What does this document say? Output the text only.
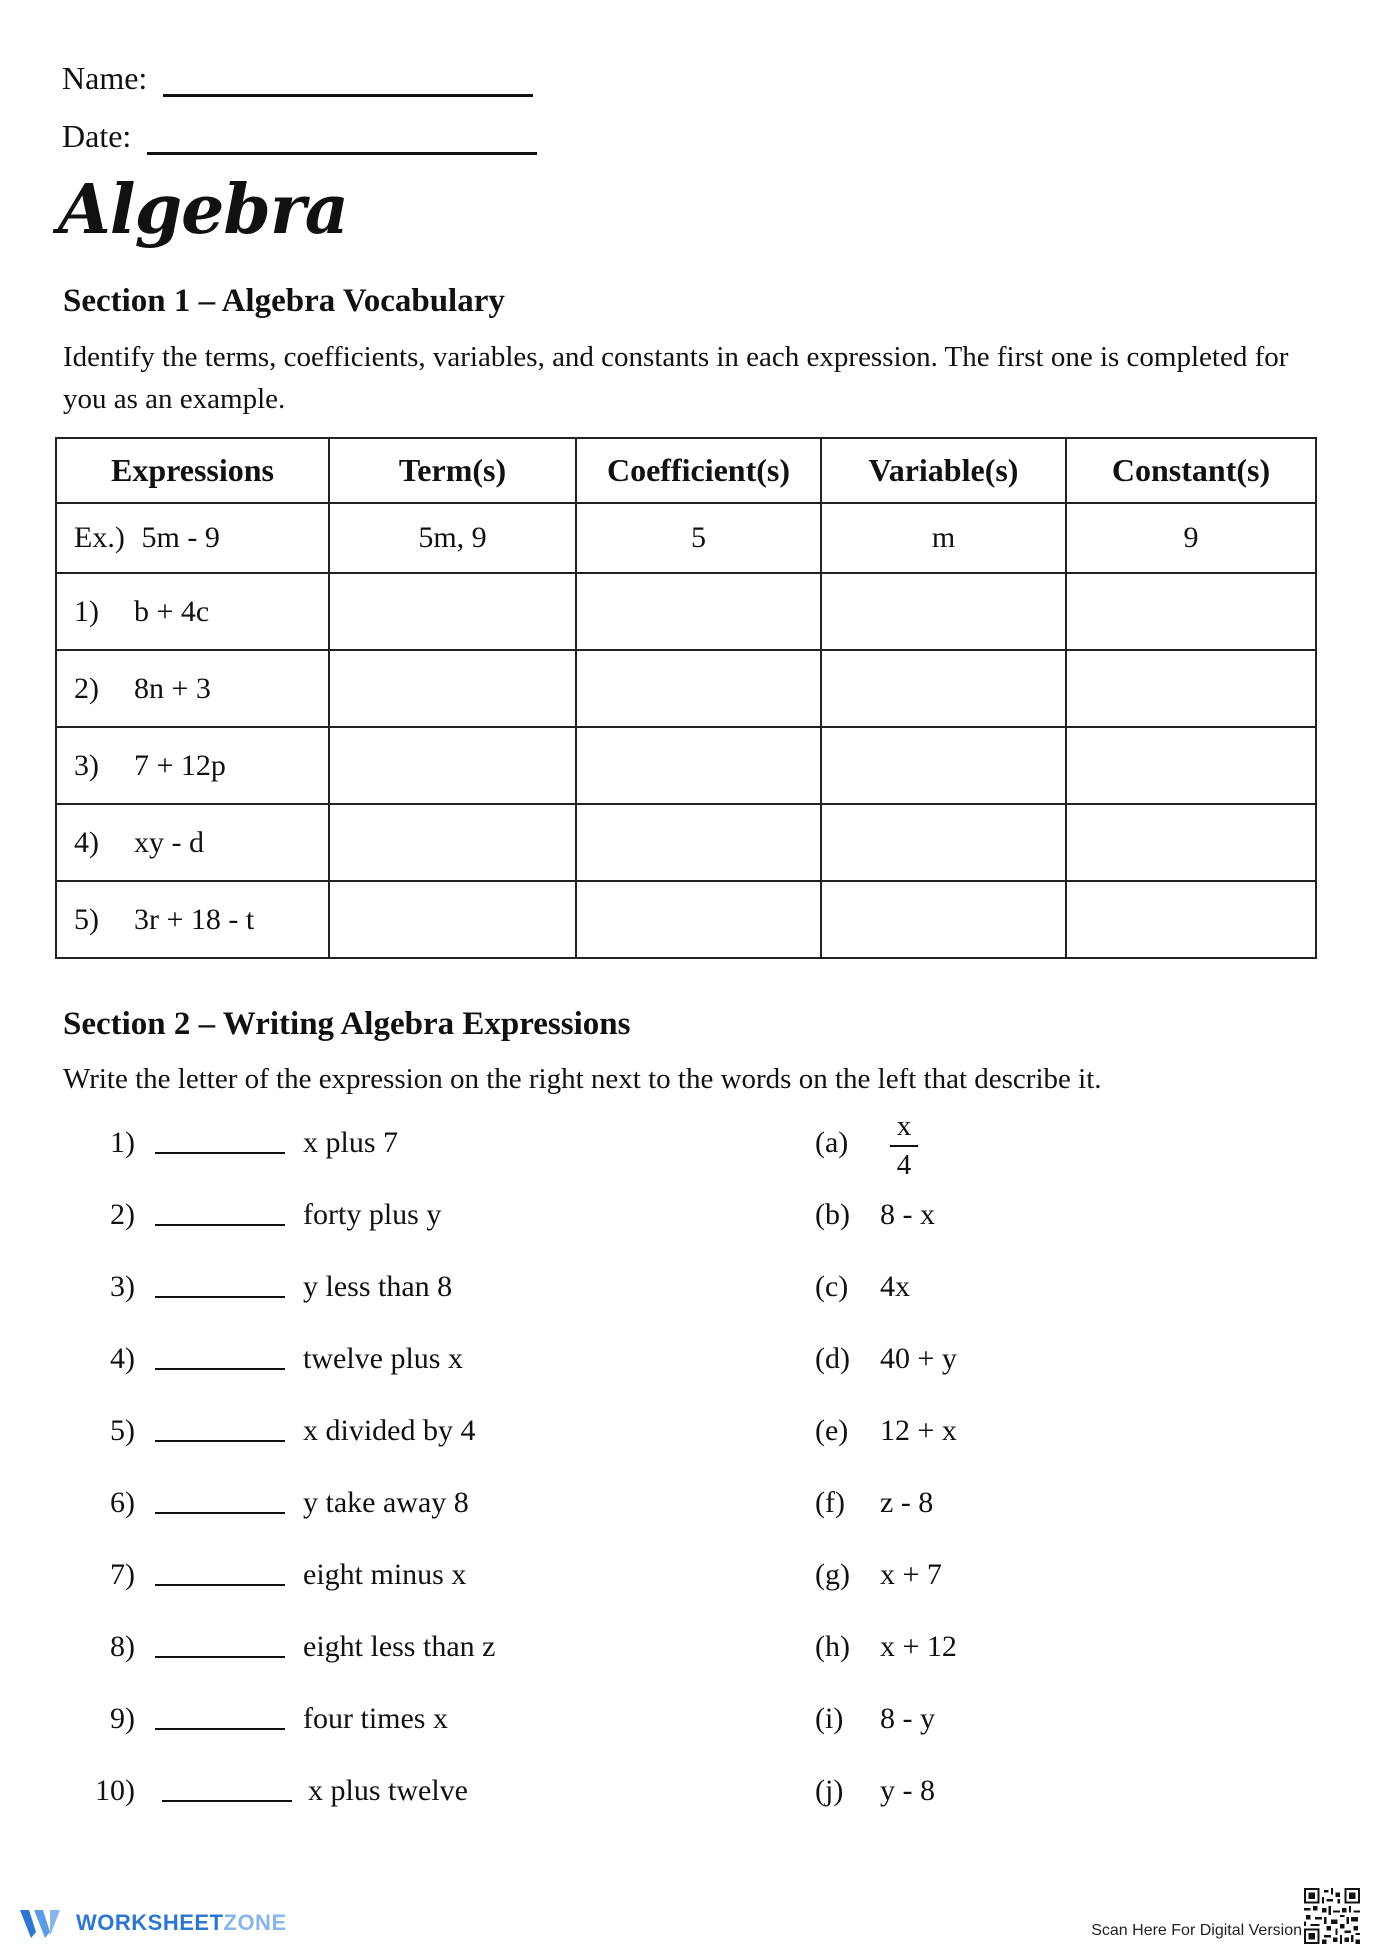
Name:
Date:
Algebra
Section 1 – Algebra Vocabulary
Identify the terms, coefficients, variables, and constants in each expression. The first one is completed for you as an example.
Expressions	Term(s)	Coefficient(s)	Variable(s)	Constant(s)
Ex.) 5m - 9	5m, 9	5	m	9
1) b + 4c				
2) 8n + 3				
3) 7 + 12p				
4) xy - d				
5) 3r + 18 - t				
Section 2 – Writing Algebra Expressions
Write the letter of the expression on the right next to the words on the left that describe it.
1)	x plus 7	(a) x
4
2)	forty plus y	(b) 8 - x
3)	y less than 8	(c) 4x
4)	twelve plus x	(d) 40 + y
5)	x divided by 4	(e) 12 + x
6)	y take away 8	(f) z - 8
7)	eight minus x	(g) x + 7
8)	eight less than z	(h) x + 12
9)	four times x	(i) 8 - y
10)	x plus twelve	(j) y - 8
WORKSHEETZONE	Scan Here For Digital Version
